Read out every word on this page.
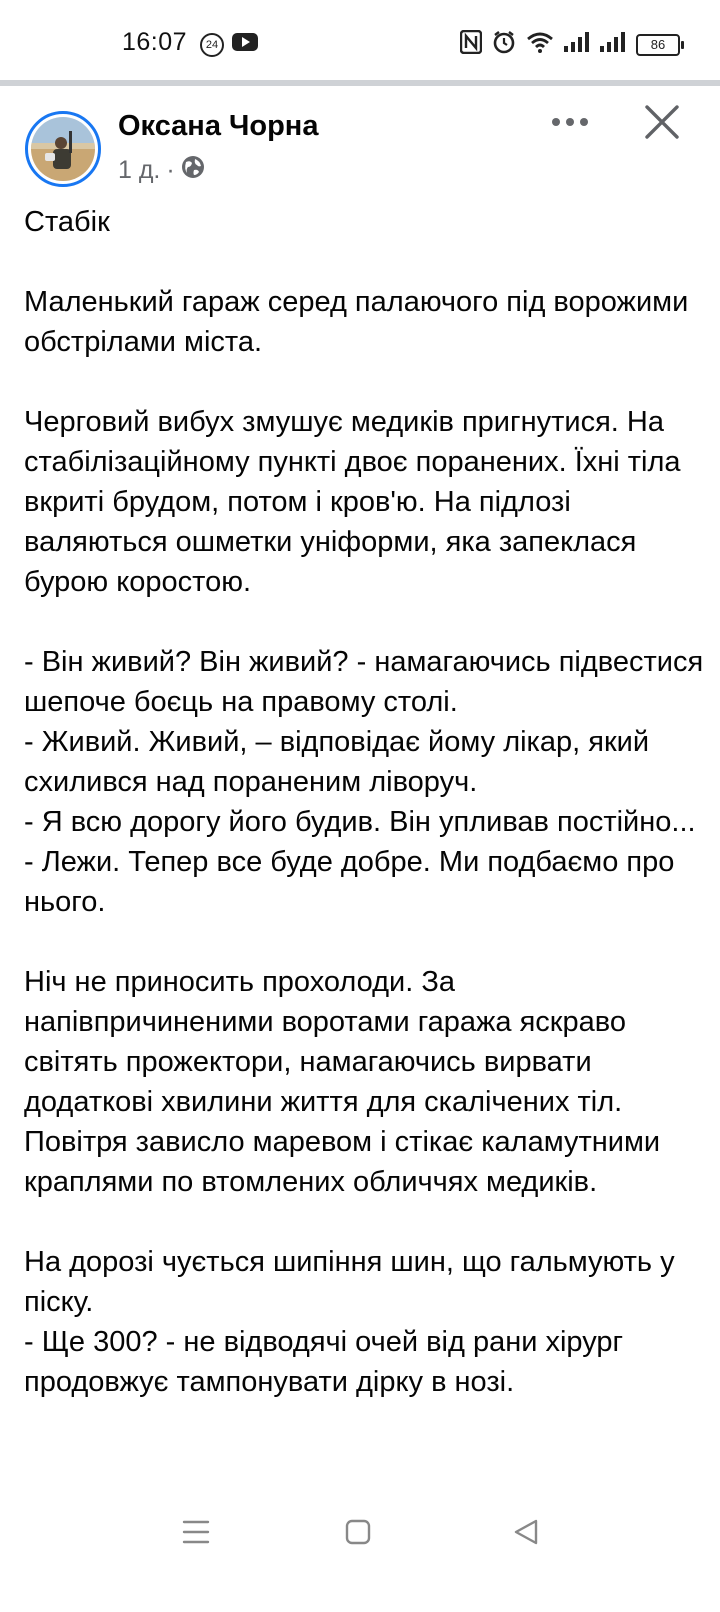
16:07	24	86
Оксана Чорна
1 д. ·

Стабік

Маленький гараж серед палаючого під ворожими обстрілами міста.

Черговий вибух змушує медиків пригнутися. На стабілізаційному пункті двоє поранених. Їхні тіла вкриті брудом, потом і кров'ю. На підлозі валяються ошметки уніформи, яка запеклася бурою коростою.

- Він живий? Він живий? - намагаючись підвестися шепоче боєць на правому столі.
- Живий. Живий, – відповідає йому лікар, який схилився над пораненим ліворуч.
- Я всю дорогу його будив. Він упливав постійно...
- Лежи. Тепер все буде добре. Ми подбаємо про нього.

Ніч не приносить прохолоди. За напівпричиненими воротами гаража яскраво світять прожектори, намагаючись вирвати додаткові хвилини життя для скалічених тіл. Повітря зависло маревом і стікає каламутними краплями по втомлених обличчях медиків.

На дорозі чується шипіння шин, що гальмують у піску.
- Ще 300? - не відводячі очей від рани хірург продовжує тампонувати дірку в нозі.
